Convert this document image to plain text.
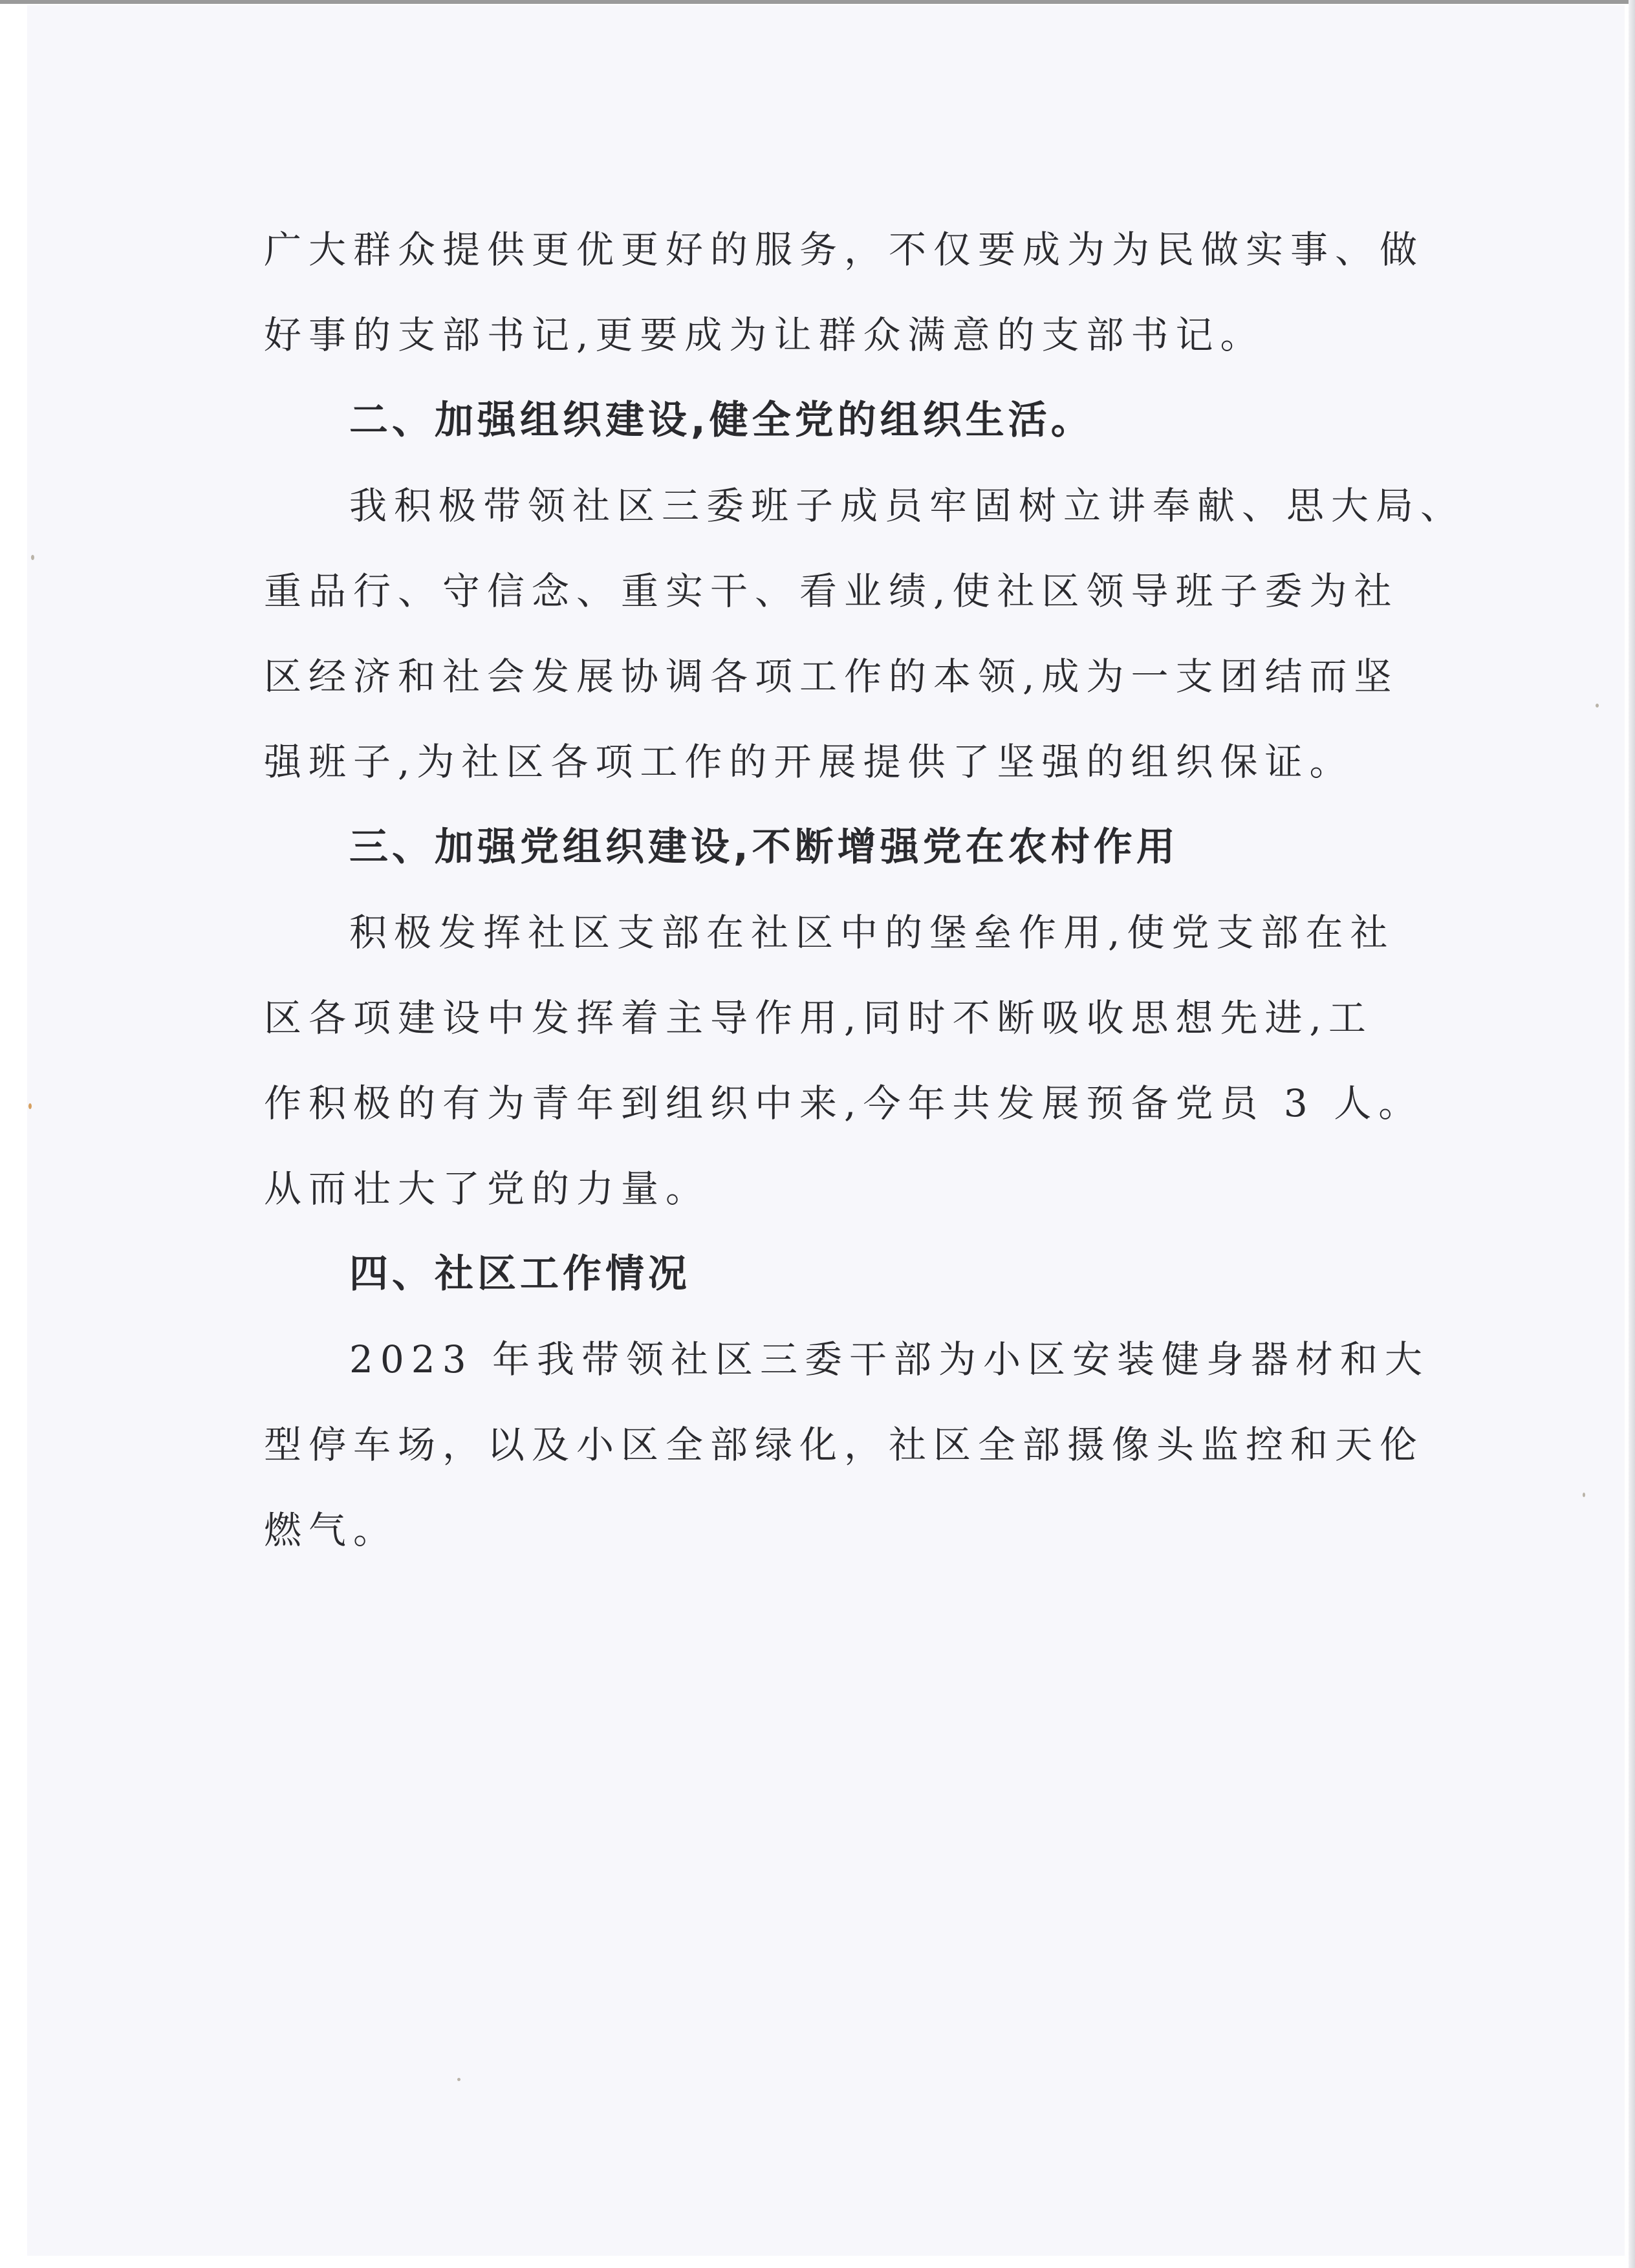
广大群众提供更优更好的服务，不仅要成为为民做实事、做
好事的支部书记,更要成为让群众满意的支部书记。
二、加强组织建设,健全党的组织生活。
我积极带领社区三委班子成员牢固树立讲奉献、思大局、
重品行、守信念、重实干、看业绩,使社区领导班子委为社
区经济和社会发展协调各项工作的本领,成为一支团结而坚
强班子,为社区各项工作的开展提供了坚强的组织保证。
三、加强党组织建设,不断增强党在农村作用
积极发挥社区支部在社区中的堡垒作用,使党支部在社
区各项建设中发挥着主导作用,同时不断吸收思想先进,工
作积极的有为青年到组织中来,今年共发展预备党员 3 人。
从而壮大了党的力量。
四、社区工作情况
2023 年我带领社区三委干部为小区安装健身器材和大
型停车场，以及小区全部绿化，社区全部摄像头监控和天伦
燃气。
